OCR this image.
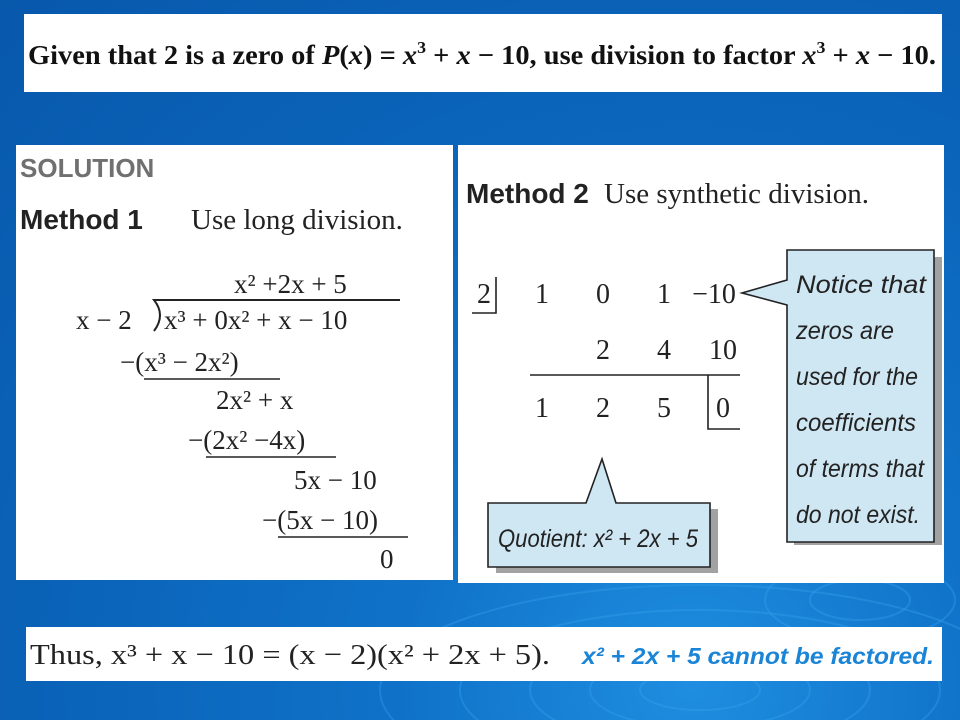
Given that 2 is a zero of $P(x) = x^3 + x - 10$, use division to factor $x^3 + x - 10$.
SOLUTION
Method 1 Use long division.
x² +2x + 5
x − 2 x³ + 0x² + x − 10
−(x³ − 2x²)
2x² + x
−(2x² −4x)
5x − 10
−(5x − 10)
0
Method 2 Use synthetic division.
2 1 0 1 −10
2 4 10
1 2 5 0
Notice that
zeros are
used for the
coefficients
of terms that
do not exist.
Quotient: x² + 2x + 5
Thus, x³ + x − 10 = (x − 2)(x² + 2x + 5). x² + 2x + 5 cannot be factored.
